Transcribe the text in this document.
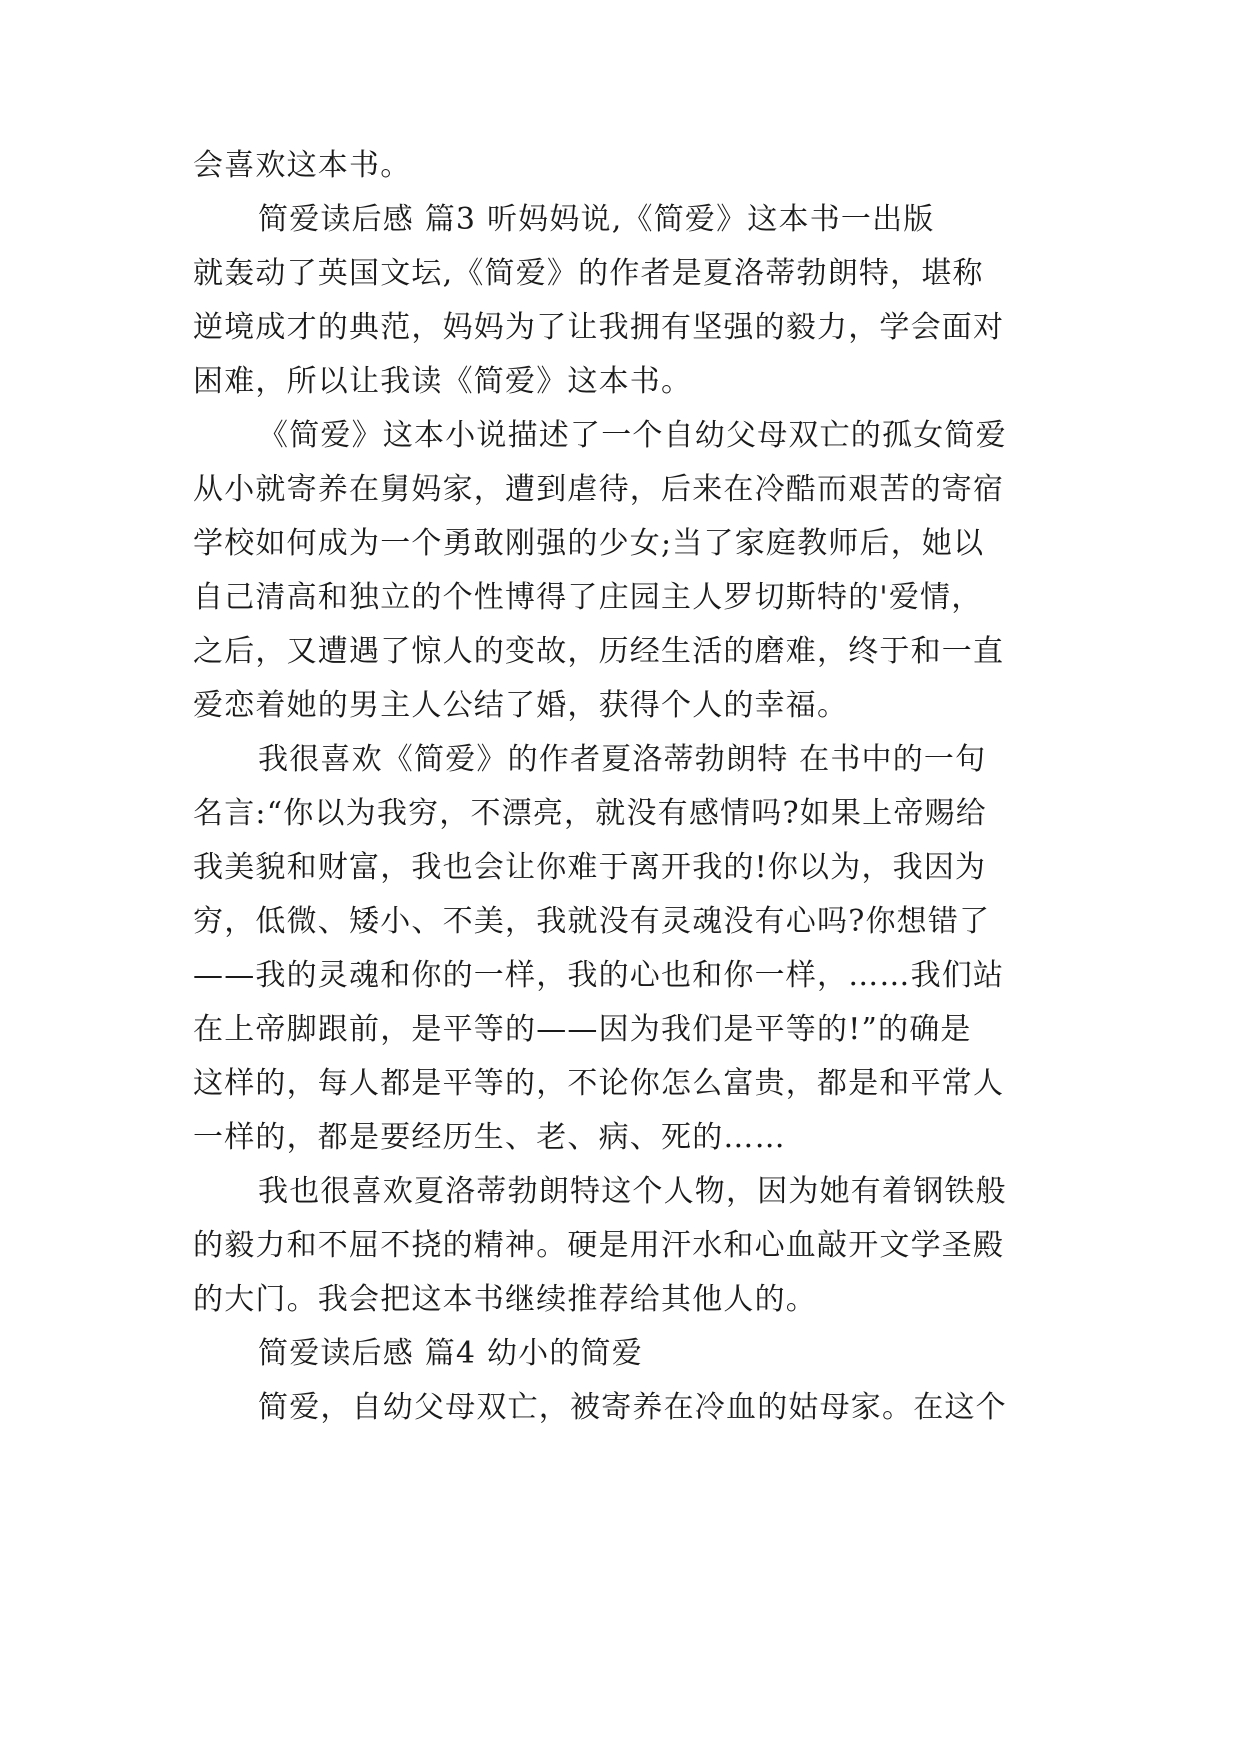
会喜欢这本书。
简爱读后感 篇3 听妈妈说,《简爱》这本书一出版
就轰动了英国文坛,《简爱》的作者是夏洛蒂勃朗特，堪称
逆境成才的典范，妈妈为了让我拥有坚强的毅力，学会面对
困难，所以让我读《简爱》这本书。
《简爱》这本小说描述了一个自幼父母双亡的孤女简爱
从小就寄养在舅妈家，遭到虐待，后来在冷酷而艰苦的寄宿
学校如何成为一个勇敢刚强的少女;当了家庭教师后，她以
自己清高和独立的个性博得了庄园主人罗切斯特的'爱情，
之后，又遭遇了惊人的变故，历经生活的磨难，终于和一直
爱恋着她的男主人公结了婚，获得个人的幸福。
我很喜欢《简爱》的作者夏洛蒂勃朗特 在书中的一句
名言:“你以为我穷，不漂亮，就没有感情吗?如果上帝赐给
我美貌和财富，我也会让你难于离开我的!你以为，我因为
穷，低微、矮小、不美，我就没有灵魂没有心吗?你想错了
——我的灵魂和你的一样，我的心也和你一样，……我们站
在上帝脚跟前，是平等的——因为我们是平等的!”的确是
这样的，每人都是平等的，不论你怎么富贵，都是和平常人
一样的，都是要经历生、老、病、死的……
我也很喜欢夏洛蒂勃朗特这个人物，因为她有着钢铁般
的毅力和不屈不挠的精神。硬是用汗水和心血敲开文学圣殿
的大门。我会把这本书继续推荐给其他人的。
简爱读后感 篇4 幼小的简爱
简爱，自幼父母双亡，被寄养在冷血的姑母家。在这个
